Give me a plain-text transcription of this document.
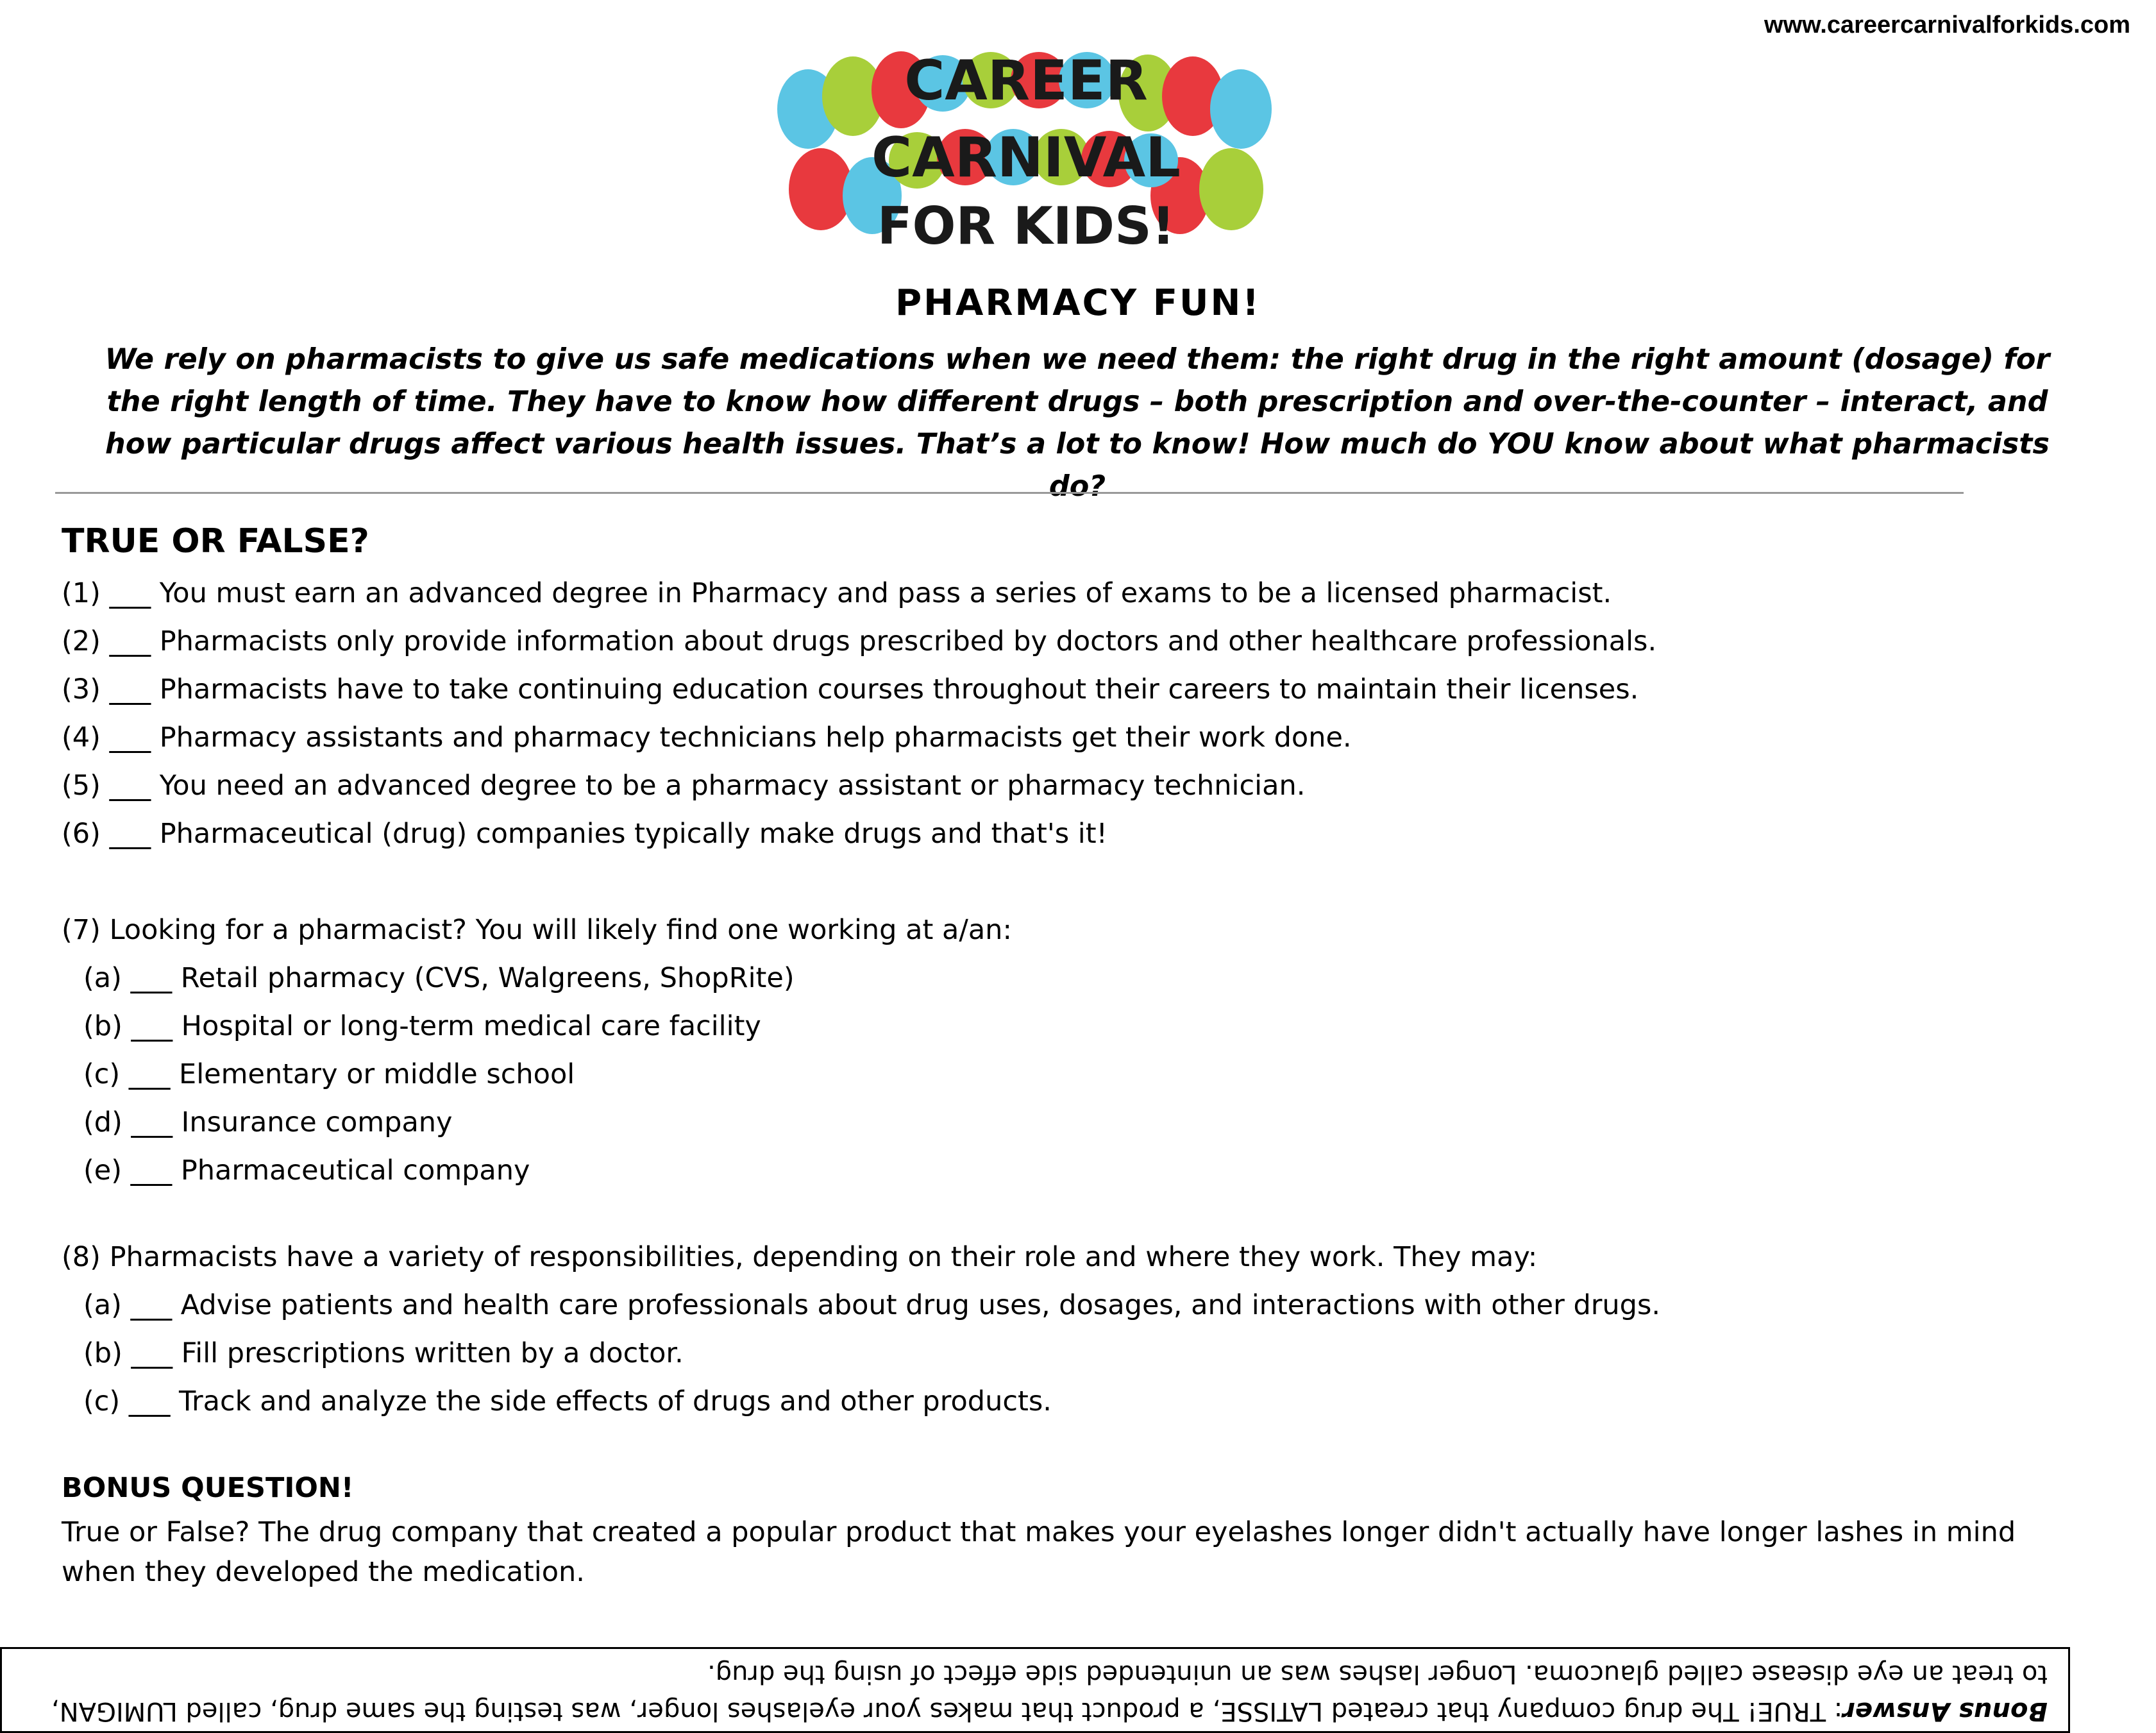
www.careercarnivalforkids.com
CAREER
CARNIVAL
FOR KIDS!
PHARMACY FUN!
We rely on pharmacists to give us safe medications when we need them: the right drug in the right amount (dosage) for the right length of time. They have to know how different drugs – both prescription and over-the-counter – interact, and how particular drugs affect various health issues. That’s a lot to know! How much do YOU know about what pharmacists do?
TRUE OR FALSE?
(1) ___ You must earn an advanced degree in Pharmacy and pass a series of exams to be a licensed pharmacist.
(2) ___ Pharmacists only provide information about drugs prescribed by doctors and other healthcare professionals.
(3) ___ Pharmacists have to take continuing education courses throughout their careers to maintain their licenses.
(4) ___ Pharmacy assistants and pharmacy technicians help pharmacists get their work done.
(5) ___ You need an advanced degree to be a pharmacy assistant or pharmacy technician.
(6) ___ Pharmaceutical (drug) companies typically make drugs and that's it!
(7) Looking for a pharmacist? You will likely find one working at a/an:
(a) ___ Retail pharmacy (CVS, Walgreens, ShopRite)
(b) ___ Hospital or long-term medical care facility
(c) ___ Elementary or middle school
(d) ___ Insurance company
(e) ___ Pharmaceutical company
(8) Pharmacists have a variety of responsibilities, depending on their role and where they work. They may:
(a) ___ Advise patients and health care professionals about drug uses, dosages, and interactions with other drugs.
(b) ___ Fill prescriptions written by a doctor.
(c) ___ Track and analyze the side effects of drugs and other products.
BONUS QUESTION!

True or False? The drug company that created a popular product that makes your eyelashes longer didn't actually have longer lashes in mind when they developed the medication.

Bonus Answer: TRUE! The drug company that created LATISSE, a product that makes your eyelashes longer, was testing the same drug, called LUMIGAN, to treat an eye disease called glaucoma. Longer lashes was an unintended side effect of using the drug.
